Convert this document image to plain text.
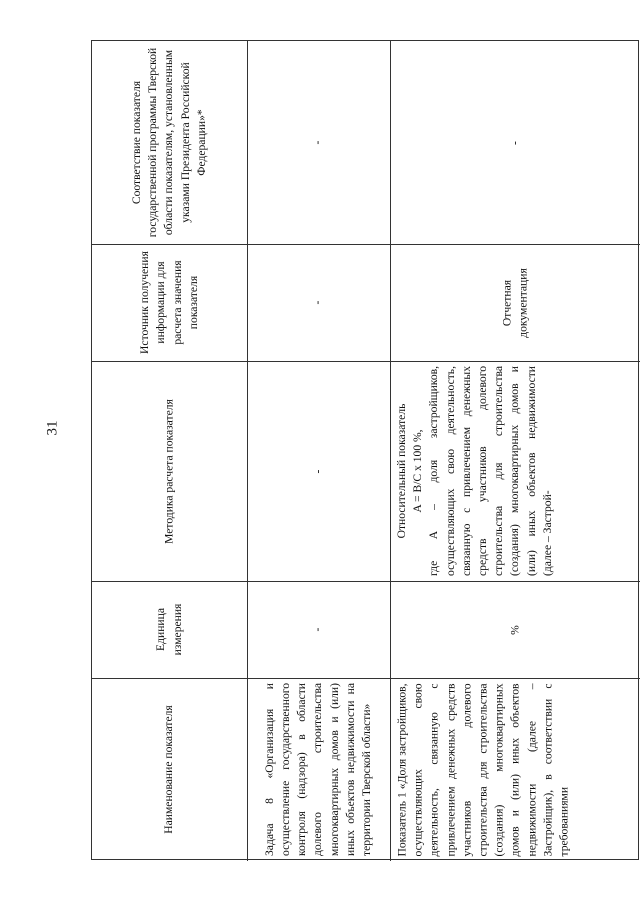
31
Наименование показателя
Единица измерения
Методика расчета показателя
Источник получения информации для расчета значения показателя
Соответствие показателя государственной программы Тверской области показателям, установленным указами Президента Российской Федерации»*
Задача 8 «Организация и осуществление государственного контроля (надзора) в области долевого строительства многоквартирных домов и (или) иных объектов недвижимости на территории Тверской области»
-
-
-
-
Показатель 1 «Доля застройщиков, осуществляющих свою деятельность, связанную с привлечением денежных средств участников долевого строительства для строительства (создания) многоквартирных домов и (или) иных объектов недвижимости (далее – Застройщик), в соответствии с требованиями
%
Относительный показатель A = B/C x 100 %, где A – доля застройщиков, осуществляющих свою деятельность, связанную с привлечением денежных средств участников долевого строительства для строительства (создания) многоквартирных домов и (или) иных объектов недвижимости (далее – Застрой-
Отчетная документация
-
